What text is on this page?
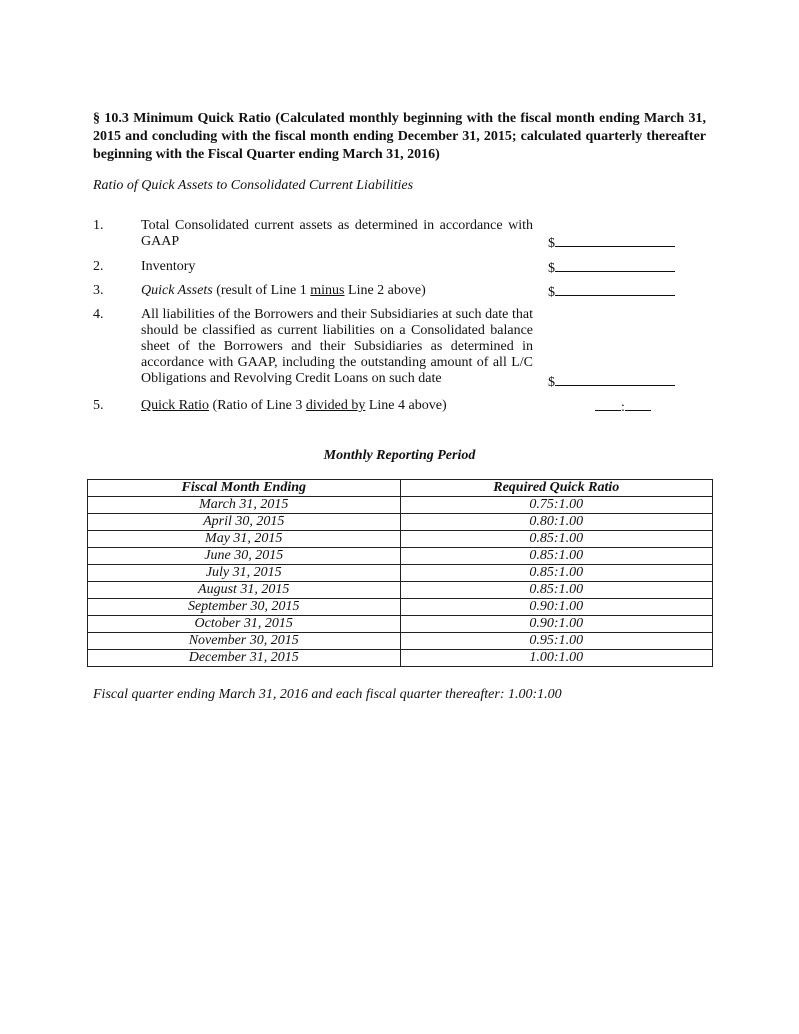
§ 10.3 Minimum Quick Ratio (Calculated monthly beginning with the fiscal month ending March 31, 2015 and concluding with the fiscal month ending December 31, 2015; calculated quarterly thereafter beginning with the Fiscal Quarter ending March 31, 2016)
Ratio of Quick Assets to Consolidated Current Liabilities
1.	Total Consolidated current assets as determined in accordance with GAAP	$
2.	Inventory	$
3.	Quick Assets (result of Line 1 minus Line 2 above)	$
4.	All liabilities of the Borrowers and their Subsidiaries at such date that should be classified as current liabilities on a Consolidated balance sheet of the Borrowers and their Subsidiaries as determined in accordance with GAAP, including the outstanding amount of all L/C Obligations and Revolving Credit Loans on such date	$
5.	Quick Ratio (Ratio of Line 3 divided by Line 4 above)	:
Monthly Reporting Period
Fiscal Month Ending	Required Quick Ratio
March 31, 2015	0.75:1.00
April 30, 2015	0.80:1.00
May 31, 2015	0.85:1.00
June 30, 2015	0.85:1.00
July 31, 2015	0.85:1.00
August 31, 2015	0.85:1.00
September 30, 2015	0.90:1.00
October 31, 2015	0.90:1.00
November 30, 2015	0.95:1.00
December 31, 2015	1.00:1.00
Fiscal quarter ending March 31, 2016 and each fiscal quarter thereafter: 1.00:1.00
